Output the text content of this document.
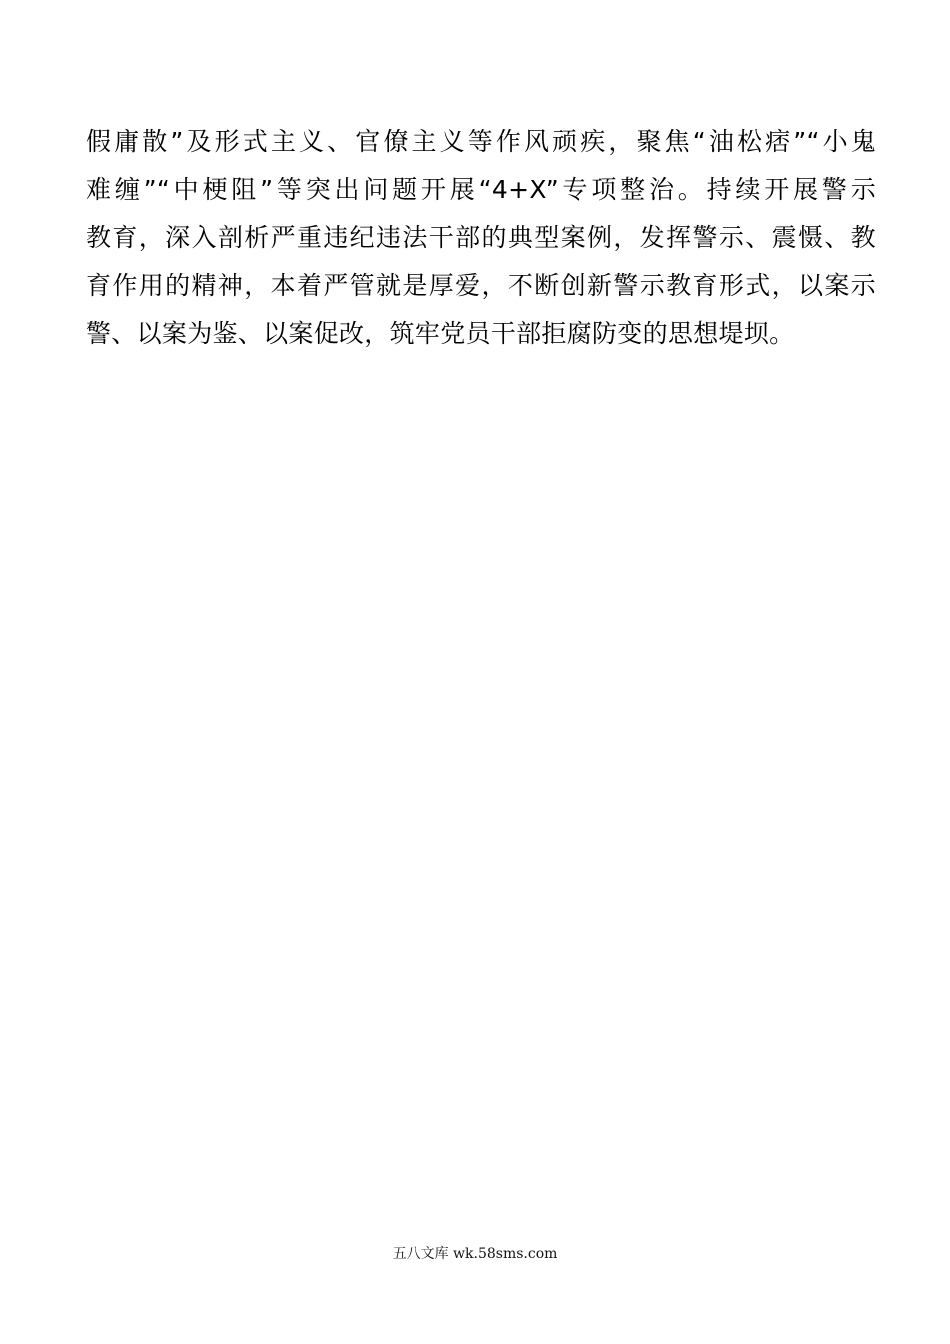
假庸散”及形式主义、官僚主义等作风顽疾，聚焦“油松痞”“小鬼
难缠”“中梗阻”等突出问题开展“4+X”专项整治。持续开展警示
教育，深入剖析严重违纪违法干部的典型案例，发挥警示、震慑、教
育作用的精神，本着严管就是厚爱，不断创新警示教育形式，以案示
警、以案为鉴、以案促改，筑牢党员干部拒腐防变的思想堤坝。
五八文库 wk.58sms.com
